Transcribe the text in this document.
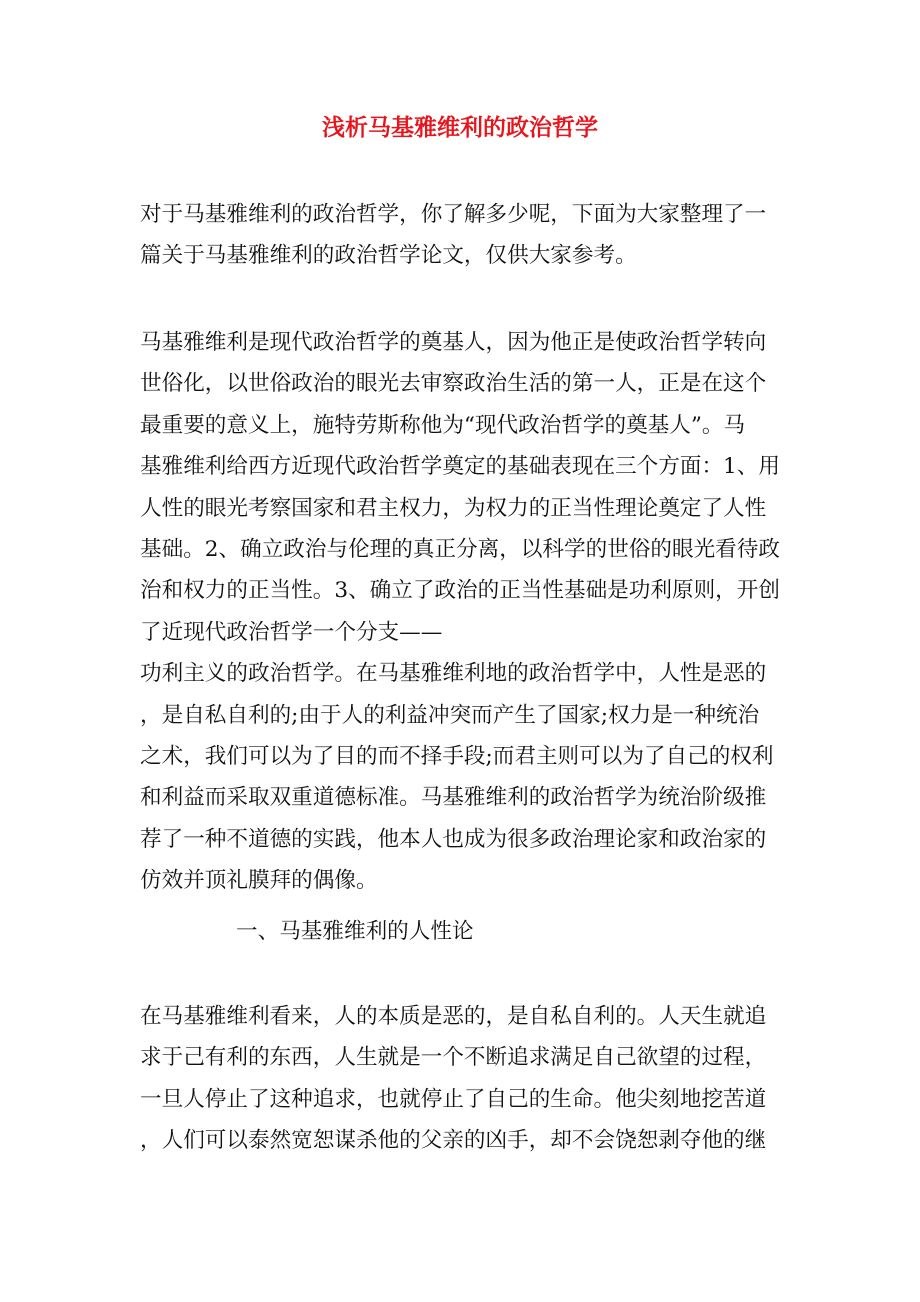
浅析马基雅维利的政治哲学
对于马基雅维利的政治哲学，你了解多少呢，下面为大家整理了一
篇关于马基雅维利的政治哲学论文，仅供大家参考。
马基雅维利是现代政治哲学的奠基人，因为他正是使政治哲学转向
世俗化，以世俗政治的眼光去审察政治生活的第一人，正是在这个
最重要的意义上，施特劳斯称他为“现代政治哲学的奠基人”。马
基雅维利给西方近现代政治哲学奠定的基础表现在三个方面：1、用
人性的眼光考察国家和君主权力，为权力的正当性理论奠定了人性
基础。2、确立政治与伦理的真正分离，以科学的世俗的眼光看待政
治和权力的正当性。3、确立了政治的正当性基础是功利原则，开创
了近现代政治哲学一个分支——
功利主义的政治哲学。在马基雅维利地的政治哲学中，人性是恶的
，是自私自利的;由于人的利益冲突而产生了国家;权力是一种统治
之术，我们可以为了目的而不择手段;而君主则可以为了自己的权利
和利益而采取双重道德标准。马基雅维利的政治哲学为统治阶级推
荐了一种不道德的实践，他本人也成为很多政治理论家和政治家的
仿效并顶礼膜拜的偶像。
一、马基雅维利的人性论
在马基雅维利看来，人的本质是恶的，是自私自利的。人天生就追
求于己有利的东西，人生就是一个不断追求满足自己欲望的过程，
一旦人停止了这种追求，也就停止了自己的生命。他尖刻地挖苦道
，人们可以泰然宽恕谋杀他的父亲的凶手，却不会饶恕剥夺他的继
